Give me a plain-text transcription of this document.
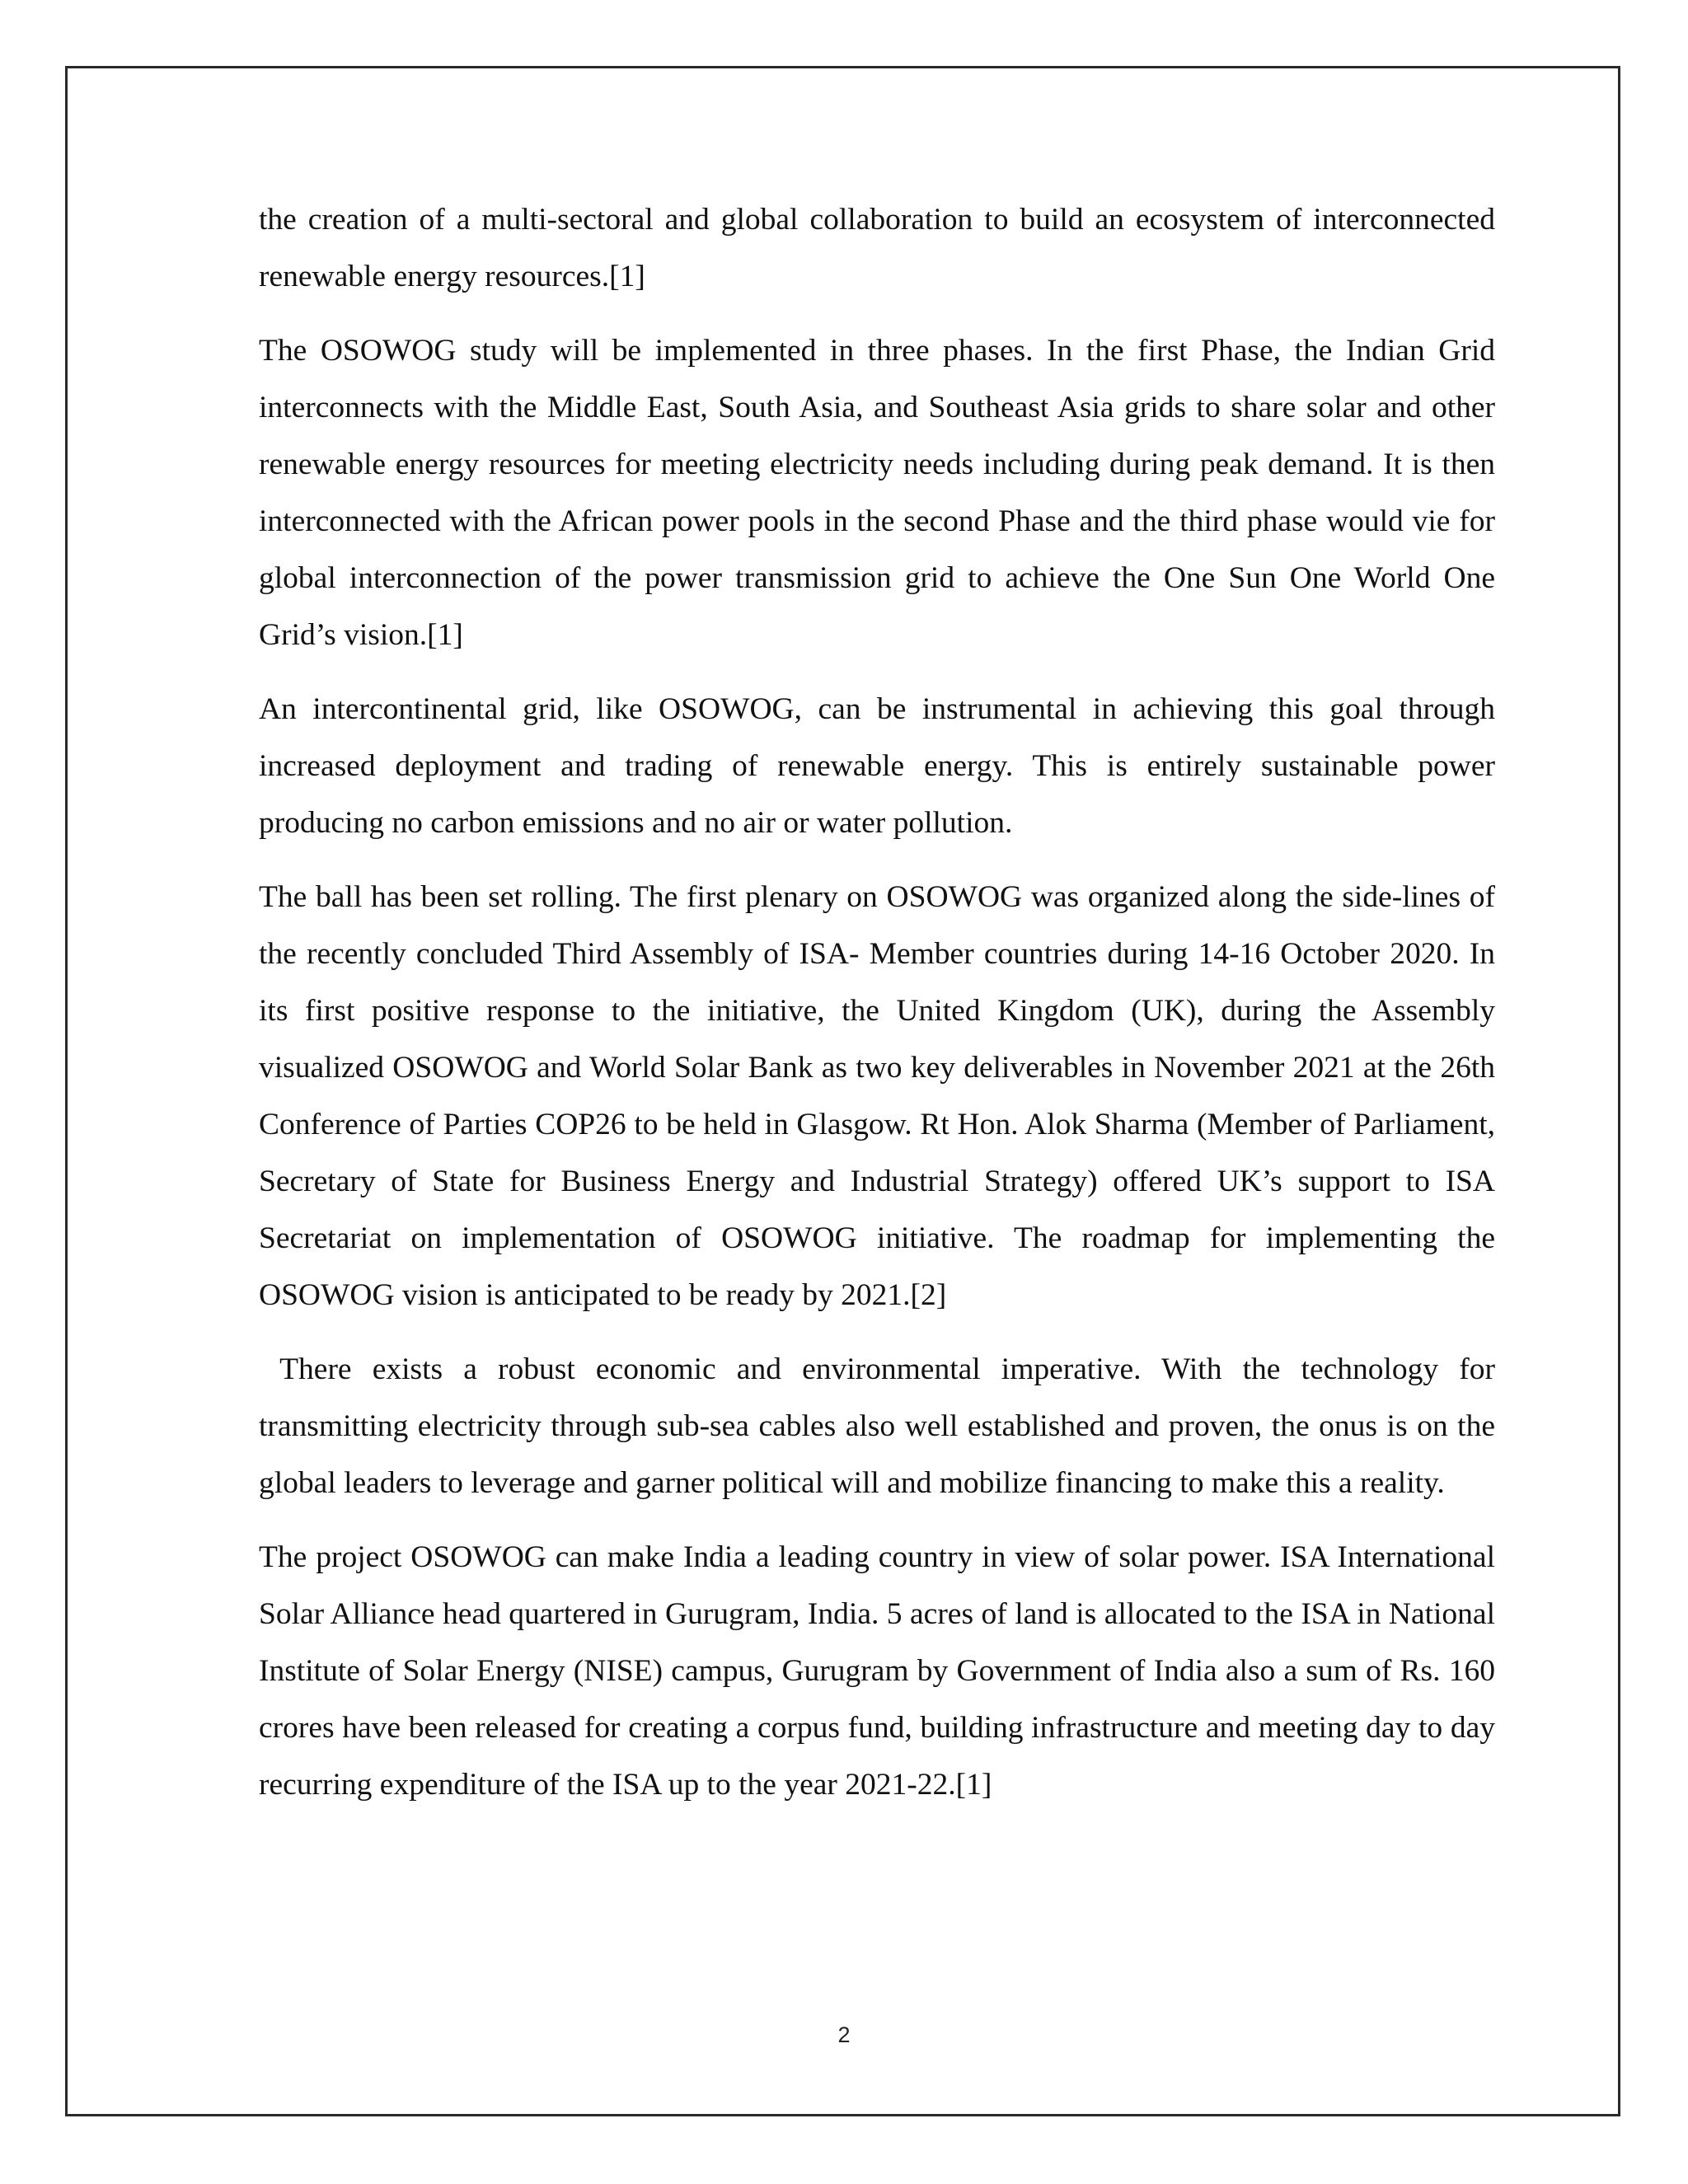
the creation of a multi-sectoral and global collaboration to build an ecosystem of interconnected renewable energy resources.[1]

The OSOWOG study will be implemented in three phases. In the first Phase, the Indian Grid interconnects with the Middle East, South Asia, and Southeast Asia grids to share solar and other renewable energy resources for meeting electricity needs including during peak demand. It is then interconnected with the African power pools in the second Phase and the third phase would vie for global interconnection of the power transmission grid to achieve the One Sun One World One Grid’s vision.[1]

An intercontinental grid, like OSOWOG, can be instrumental in achieving this goal through increased deployment and trading of renewable energy. This is entirely sustainable power producing no carbon emissions and no air or water pollution.

The ball has been set rolling. The first plenary on OSOWOG was organized along the side-lines of the recently concluded Third Assembly of ISA- Member countries during 14-16 October 2020. In its first positive response to the initiative, the United Kingdom (UK), during the Assembly visualized OSOWOG and World Solar Bank as two key deliverables in November 2021 at the 26th Conference of Parties COP26 to be held in Glasgow. Rt Hon. Alok Sharma (Member of Parliament, Secretary of State for Business Energy and Industrial Strategy) offered UK’s support to ISA Secretariat on implementation of OSOWOG initiative. The roadmap for implementing the OSOWOG vision is anticipated to be ready by 2021.[2]

There exists a robust economic and environmental imperative. With the technology for transmitting electricity through sub-sea cables also well established and proven, the onus is on the global leaders to leverage and garner political will and mobilize financing to make this a reality.

The project OSOWOG can make India a leading country in view of solar power. ISA International Solar Alliance head quartered in Gurugram, India. 5 acres of land is allocated to the ISA in National Institute of Solar Energy (NISE) campus, Gurugram by Government of India also a sum of Rs. 160 crores have been released for creating a corpus fund, building infrastructure and meeting day to day recurring expenditure of the ISA up to the year 2021-22.[1]

2
